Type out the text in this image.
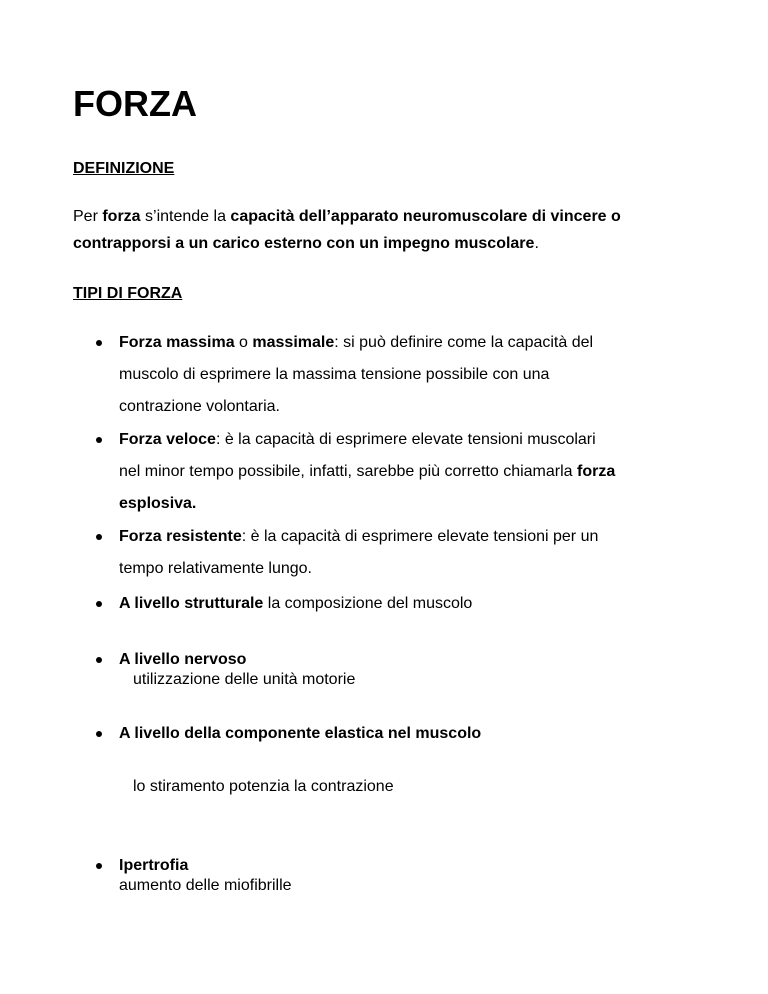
FORZA
DEFINIZIONE

Per forza s’intende la capacità dell’apparato neuromuscolare di vincere o
contrapporsi a un carico esterno con un impegno muscolare.

TIPI DI FORZA

Forza massima o massimale: si può definire come la capacità del
muscolo di esprimere la massima tensione possibile con una
contrazione volontaria.

Forza veloce: è la capacità di esprimere elevate tensioni muscolari
nel minor tempo possibile, infatti, sarebbe più corretto chiamarla forza
esplosiva.

Forza resistente: è la capacità di esprimere elevate tensioni per un
tempo relativamente lungo.

A livello strutturale la composizione del muscolo

A livello nervoso

utilizzazione delle unità motorie

A livello della componente elastica nel muscolo

lo stiramento potenzia la contrazione

Ipertrofia

aumento delle miofibrille
